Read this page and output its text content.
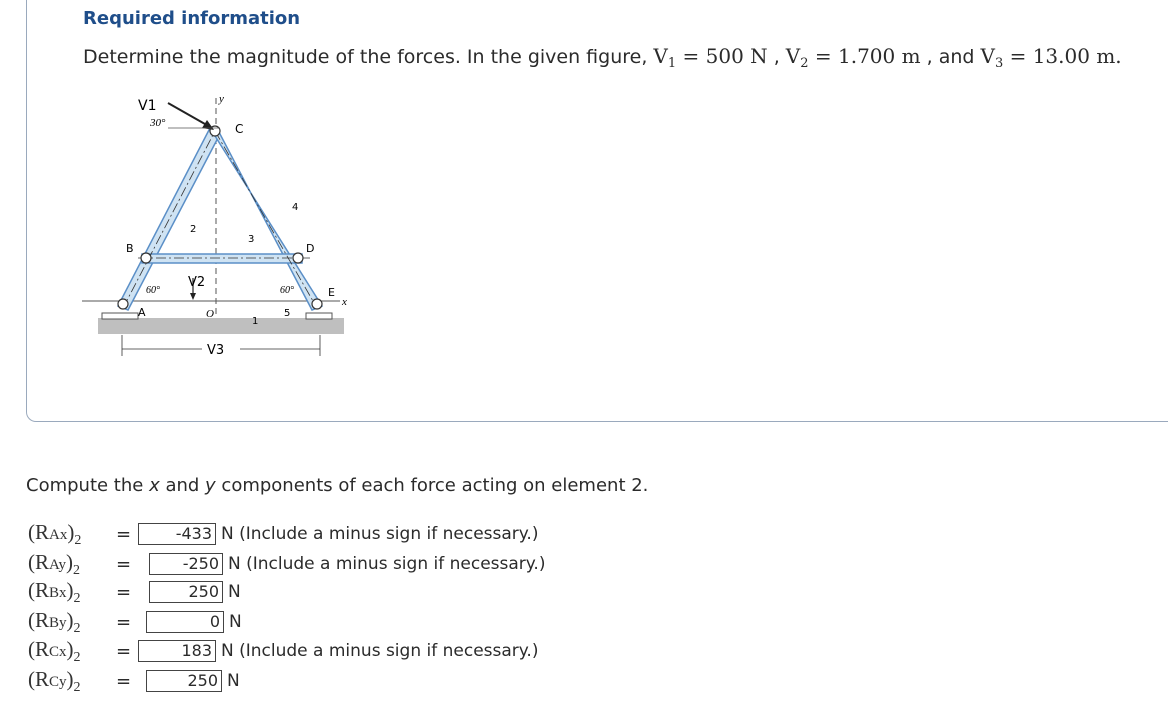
Required information
Determine the magnitude of the forces. In the given figure, $V_1 = 500$ N , $V_2 = 1.700$ m , and $V_3 = 13.00$ m.
V1
30°
y
C
B	D
E
A	O
x
V2
V3
60°	60°
1
2
3
4
5
Compute the x and y components of each force acting on element 2.
$(RAx)_2$	=	-433 N (Include a minus sign if necessary.)
$(RAy)_2$	=	-250 N (Include a minus sign if necessary.)
$(RBx)_2$	=	250 N
$(RBy)_2$	=	0 N
$(RCx)_2$	=	183 N (Include a minus sign if necessary.)
$(RCy)_2$	=	250 N
